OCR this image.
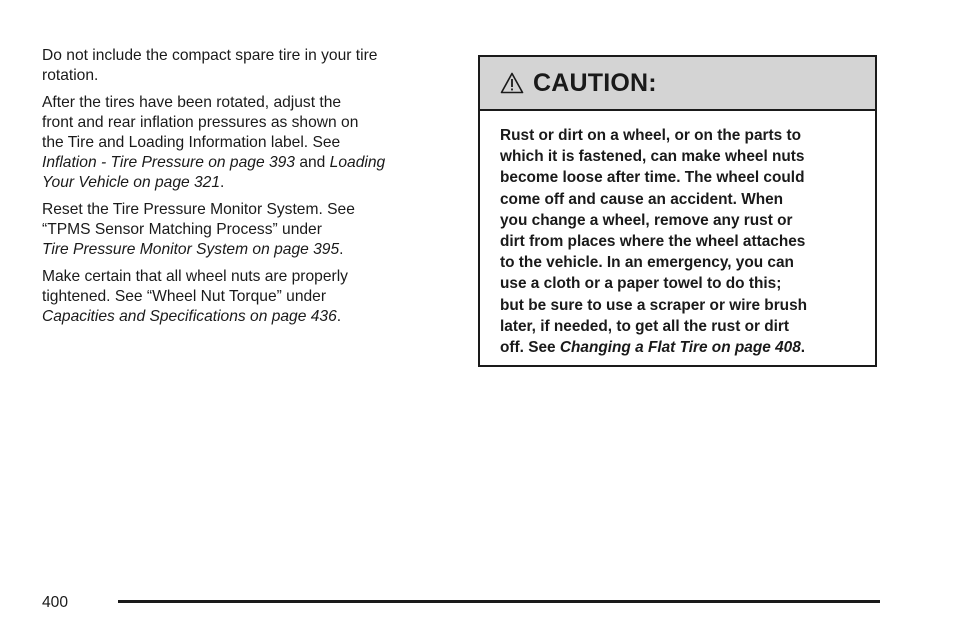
Do not include the compact spare tire in your tire
rotation.

After the tires have been rotated, adjust the
front and rear inflation pressures as shown on
the Tire and Loading Information label. See
Inflation - Tire Pressure on page 393 and Loading
Your Vehicle on page 321.

Reset the Tire Pressure Monitor System. See
“TPMS Sensor Matching Process” under
Tire Pressure Monitor System on page 395.

Make certain that all wheel nuts are properly
tightened. See “Wheel Nut Torque” under
Capacities and Specifications on page 436.

CAUTION:
Rust or dirt on a wheel, or on the parts to
which it is fastened, can make wheel nuts
become loose after time. The wheel could
come off and cause an accident. When
you change a wheel, remove any rust or
dirt from places where the wheel attaches
to the vehicle. In an emergency, you can
use a cloth or a paper towel to do this;
but be sure to use a scraper or wire brush
later, if needed, to get all the rust or dirt
off. See Changing a Flat Tire on page 408.
400
